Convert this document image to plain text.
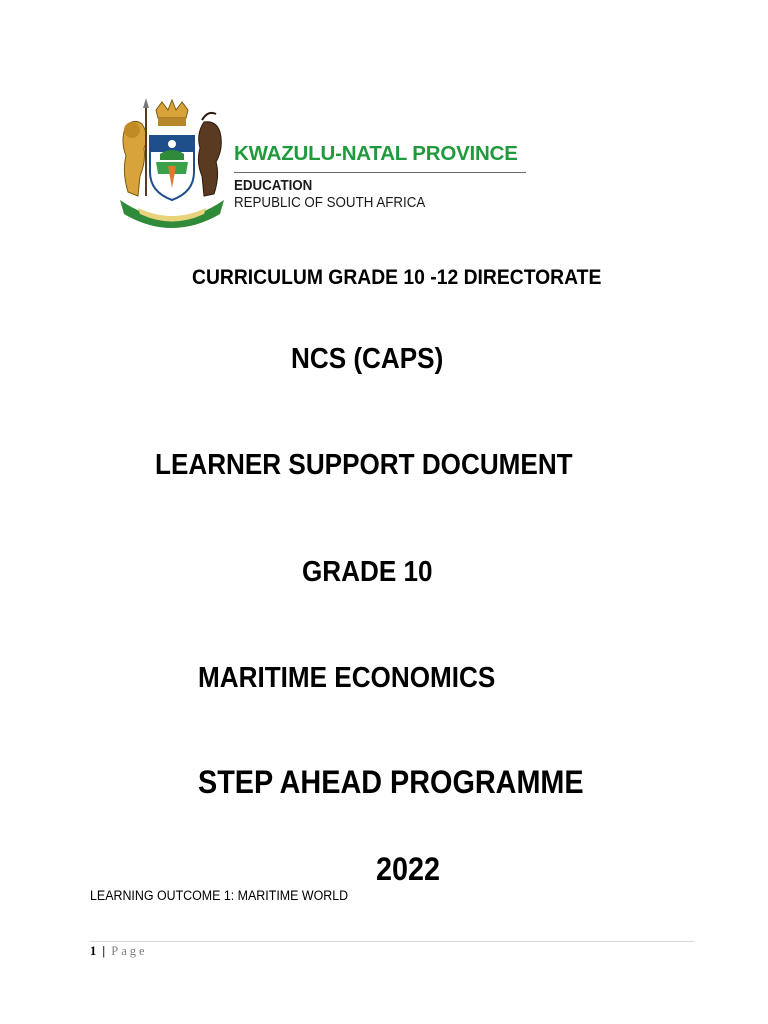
KWAZULU-NATAL PROVINCE
EDUCATION
REPUBLIC OF SOUTH AFRICA
CURRICULUM GRADE 10 -12 DIRECTORATE
NCS (CAPS)
LEARNER SUPPORT DOCUMENT
GRADE 10
MARITIME ECONOMICS
STEP AHEAD PROGRAMME
2022
LEARNING OUTCOME 1: MARITIME WORLD
1 | Page
